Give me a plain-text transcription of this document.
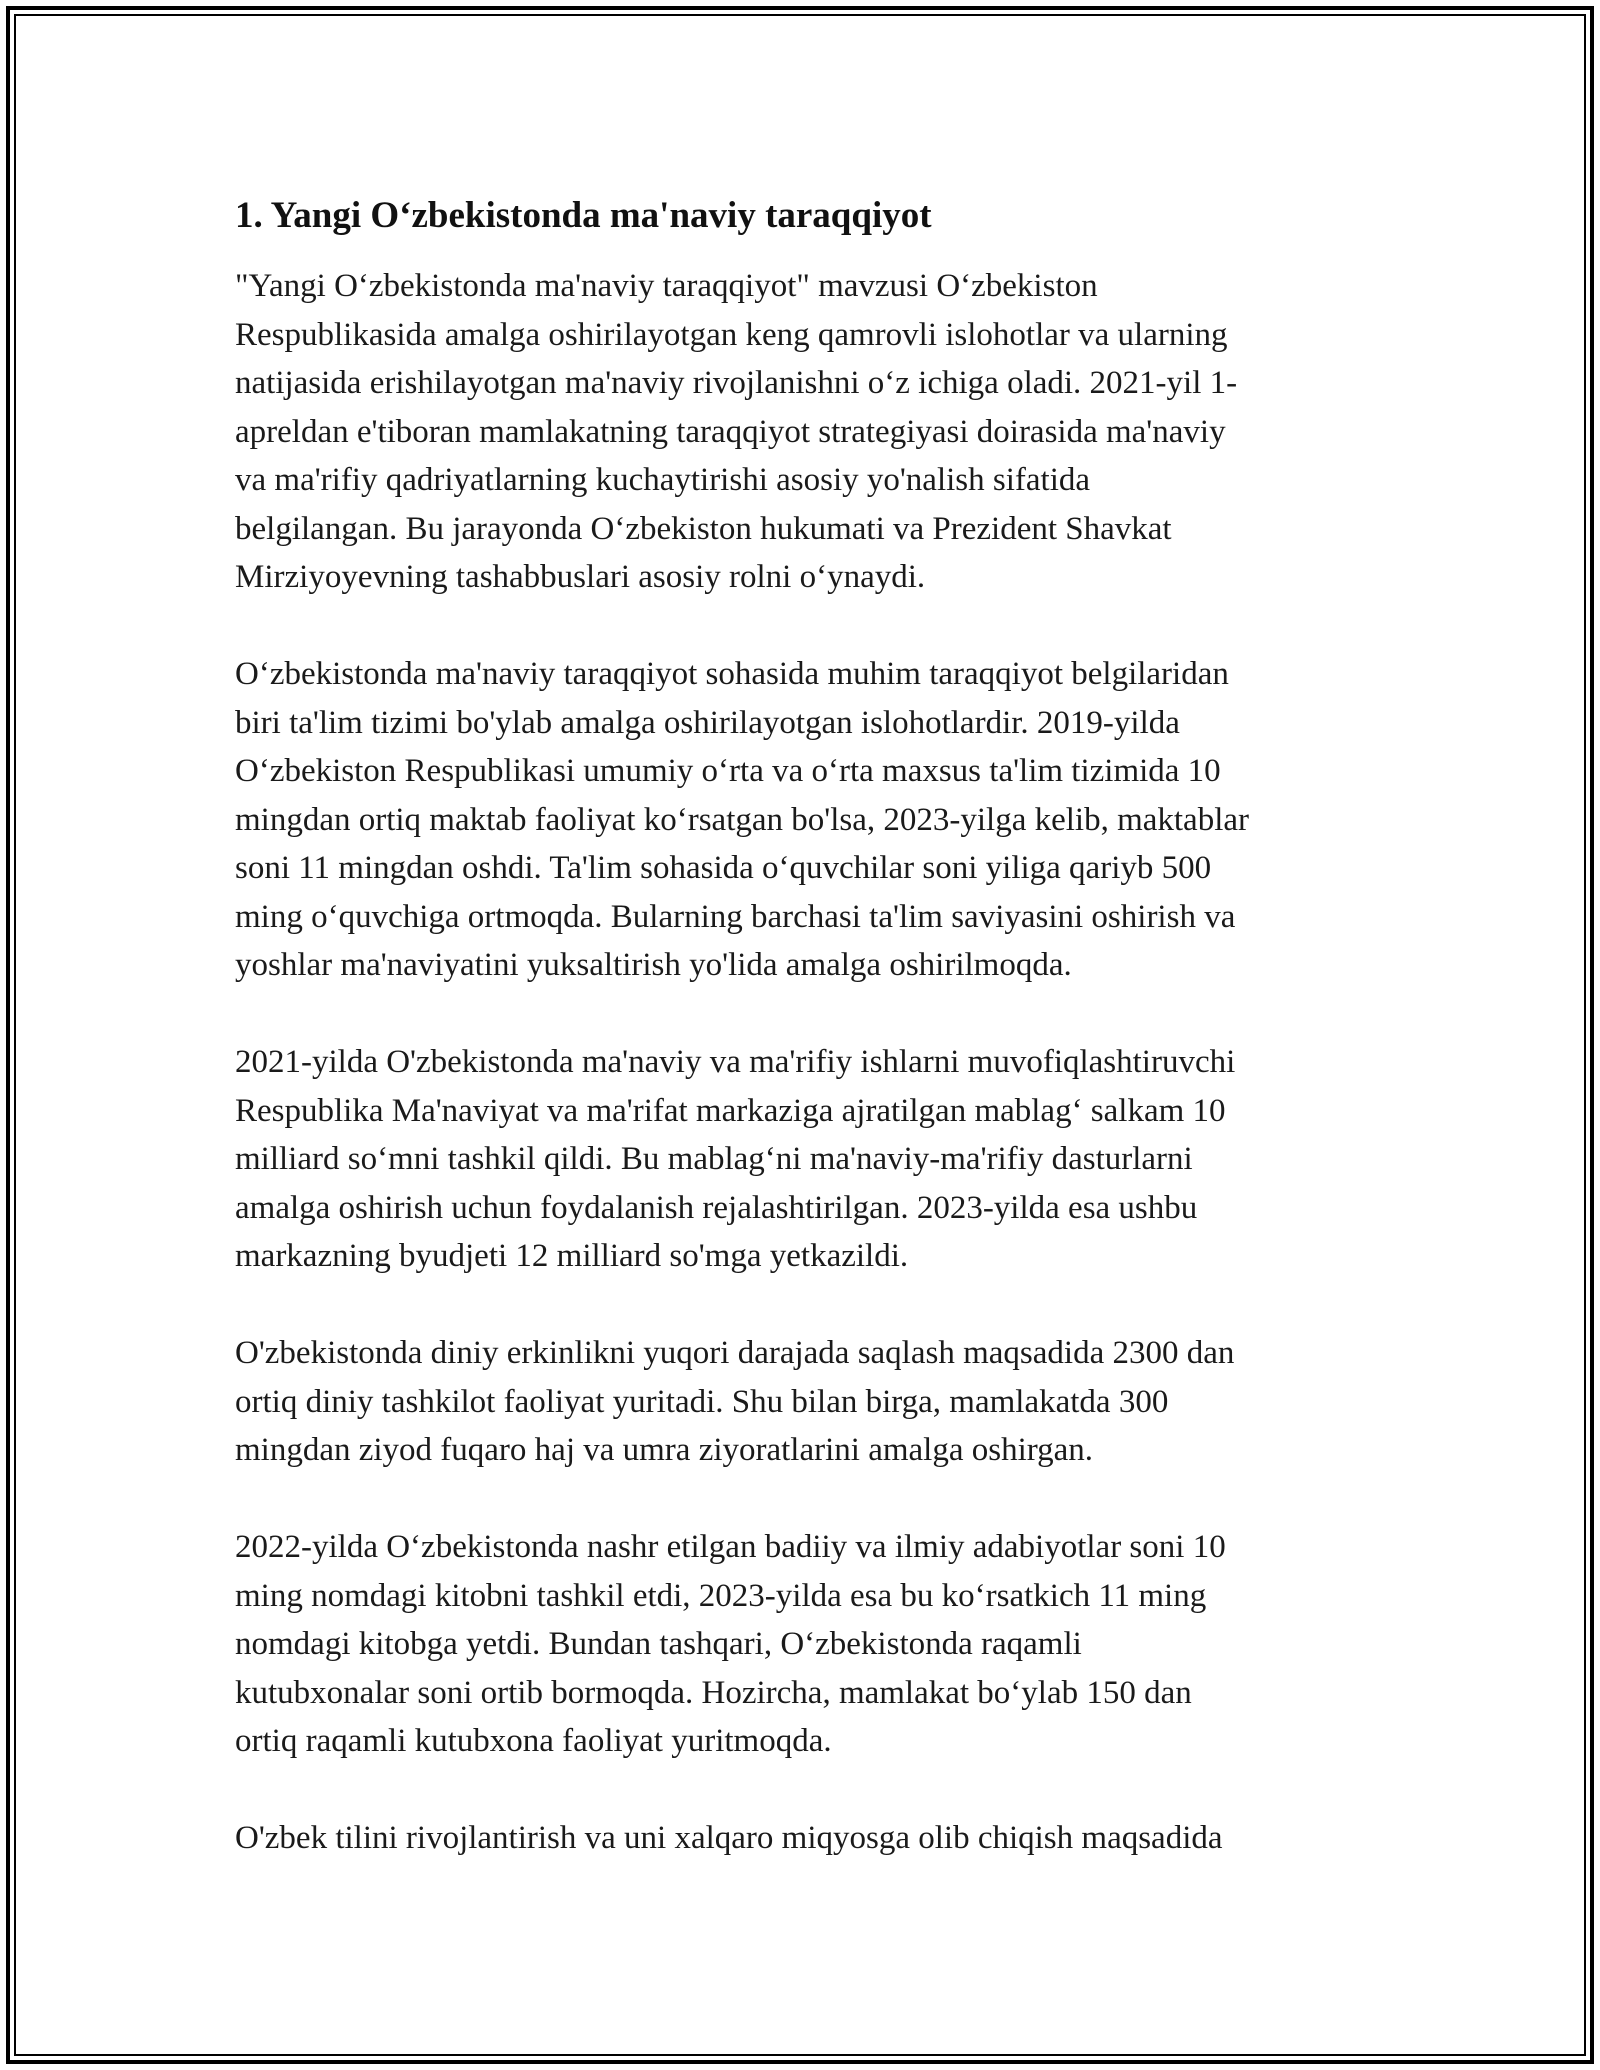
1. Yangi O‘zbekistonda ma'naviy taraqqiyot

"Yangi O‘zbekistonda ma'naviy taraqqiyot" mavzusi O‘zbekiston
Respublikasida amalga oshirilayotgan keng qamrovli islohotlar va ularning
natijasida erishilayotgan ma'naviy rivojlanishni o‘z ichiga oladi. 2021-yil 1-
apreldan e'tiboran mamlakatning taraqqiyot strategiyasi doirasida ma'naviy
va ma'rifiy qadriyatlarning kuchaytirishi asosiy yo'nalish sifatida
belgilangan. Bu jarayonda O‘zbekiston hukumati va Prezident Shavkat
Mirziyoyevning tashabbuslari asosiy rolni o‘ynaydi.

O‘zbekistonda ma'naviy taraqqiyot sohasida muhim taraqqiyot belgilaridan
biri ta'lim tizimi bo'ylab amalga oshirilayotgan islohotlardir. 2019-yilda
O‘zbekiston Respublikasi umumiy o‘rta va o‘rta maxsus ta'lim tizimida 10
mingdan ortiq maktab faoliyat ko‘rsatgan bo'lsa, 2023-yilga kelib, maktablar
soni 11 mingdan oshdi. Ta'lim sohasida o‘quvchilar soni yiliga qariyb 500
ming o‘quvchiga ortmoqda. Bularning barchasi ta'lim saviyasini oshirish va
yoshlar ma'naviyatini yuksaltirish yo'lida amalga oshirilmoqda.

2021-yilda O'zbekistonda ma'naviy va ma'rifiy ishlarni muvofiqlashtiruvchi
Respublika Ma'naviyat va ma'rifat markaziga ajratilgan mablag‘ salkam 10
milliard so‘mni tashkil qildi. Bu mablag‘ni ma'naviy-ma'rifiy dasturlarni
amalga oshirish uchun foydalanish rejalashtirilgan. 2023-yilda esa ushbu
markazning byudjeti 12 milliard so'mga yetkazildi.

O'zbekistonda diniy erkinlikni yuqori darajada saqlash maqsadida 2300 dan
ortiq diniy tashkilot faoliyat yuritadi. Shu bilan birga, mamlakatda 300
mingdan ziyod fuqaro haj va umra ziyoratlarini amalga oshirgan.

2022-yilda O‘zbekistonda nashr etilgan badiiy va ilmiy adabiyotlar soni 10
ming nomdagi kitobni tashkil etdi, 2023-yilda esa bu ko‘rsatkich 11 ming
nomdagi kitobga yetdi. Bundan tashqari, O‘zbekistonda raqamli
kutubxonalar soni ortib bormoqda. Hozircha, mamlakat bo‘ylab 150 dan
ortiq raqamli kutubxona faoliyat yuritmoqda.

O'zbek tilini rivojlantirish va uni xalqaro miqyosga olib chiqish maqsadida
